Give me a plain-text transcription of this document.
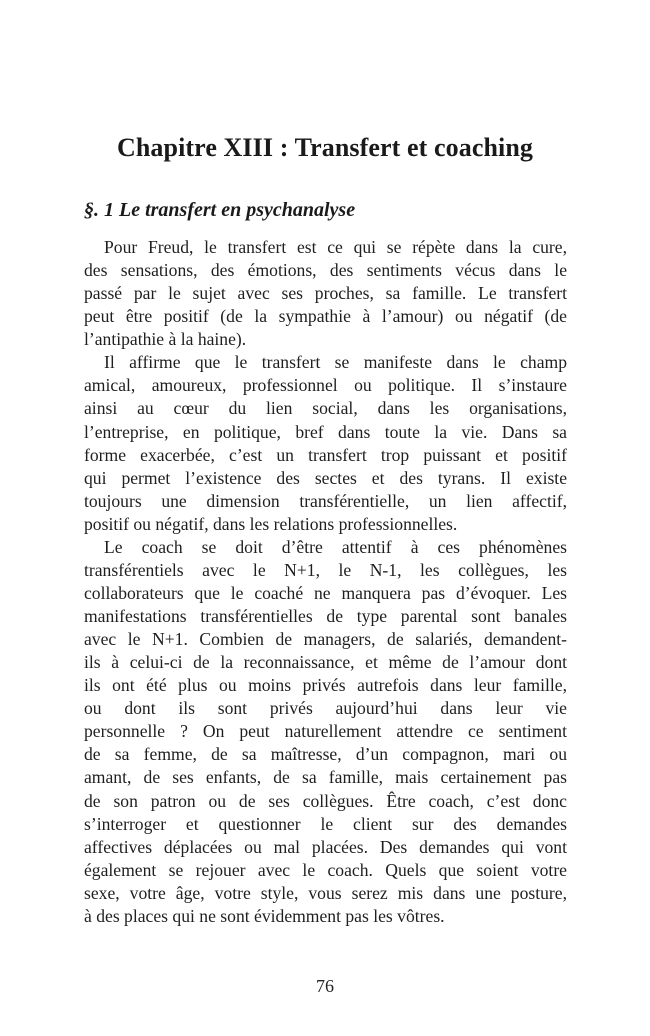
Chapitre XIII : Transfert et coaching
§. 1 Le transfert en psychanalyse
Pour Freud, le transfert est ce qui se répète dans la cure,
des sensations, des émotions, des sentiments vécus dans le
passé par le sujet avec ses proches, sa famille. Le transfert
peut être positif (de la sympathie à l’amour) ou négatif (de
l’antipathie à la haine).
Il affirme que le transfert se manifeste dans le champ
amical, amoureux, professionnel ou politique. Il s’instaure
ainsi au cœur du lien social, dans les organisations,
l’entreprise, en politique, bref dans toute la vie. Dans sa
forme exacerbée, c’est un transfert trop puissant et positif
qui permet l’existence des sectes et des tyrans. Il existe
toujours une dimension transférentielle, un lien affectif,
positif ou négatif, dans les relations professionnelles.
Le coach se doit d’être attentif à ces phénomènes
transférentiels avec le N+1, le N-1, les collègues, les
collaborateurs que le coaché ne manquera pas d’évoquer. Les
manifestations transférentielles de type parental sont banales
avec le N+1. Combien de managers, de salariés, demandent-
ils à celui-ci de la reconnaissance, et même de l’amour dont
ils ont été plus ou moins privés autrefois dans leur famille,
ou dont ils sont privés aujourd’hui dans leur vie
personnelle ? On peut naturellement attendre ce sentiment
de sa femme, de sa maîtresse, d’un compagnon, mari ou
amant, de ses enfants, de sa famille, mais certainement pas
de son patron ou de ses collègues. Être coach, c’est donc
s’interroger et questionner le client sur des demandes
affectives déplacées ou mal placées. Des demandes qui vont
également se rejouer avec le coach. Quels que soient votre
sexe, votre âge, votre style, vous serez mis dans une posture,
à des places qui ne sont évidemment pas les vôtres.
76
